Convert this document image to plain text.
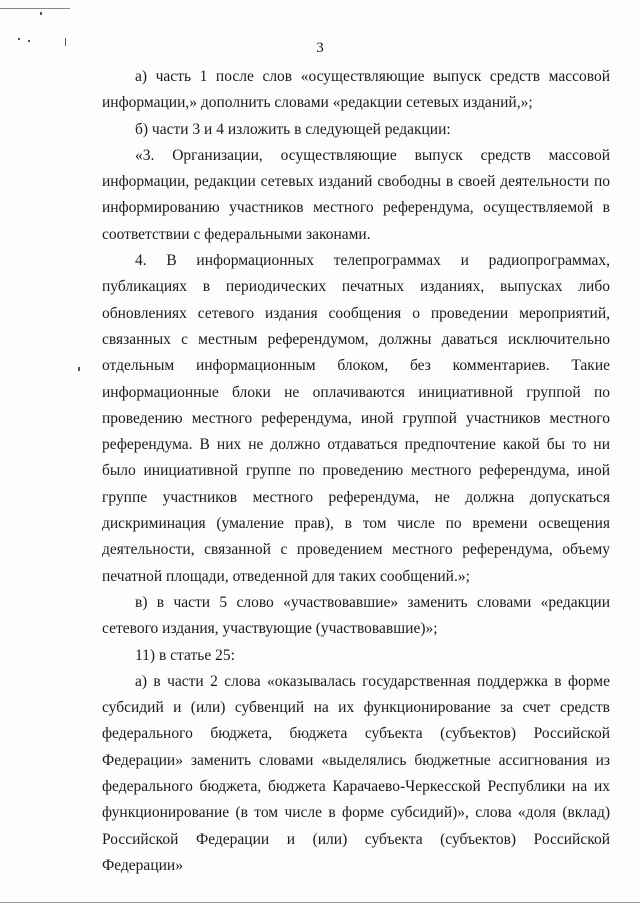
3

а) часть 1 после слов «осуществляющие выпуск средств массовой информации,» дополнить словами «редакции сетевых изданий,»;

б) части 3 и 4 изложить в следующей редакции:

«3. Организации, осуществляющие выпуск средств массовой информации, редакции сетевых изданий свободны в своей деятельности по информированию участников местного референдума, осуществляемой в соответствии с федеральными законами.

4. В информационных телепрограммах и радиопрограммах, публикациях в периодических печатных изданиях, выпусках либо обновлениях сетевого издания сообщения о проведении мероприятий, связанных с местным референдумом, должны даваться исключительно отдельным информационным блоком, без комментариев. Такие информационные блоки не оплачиваются инициативной группой по проведению местного референдума, иной группой участников местного референдума. В них не должно отдаваться предпочтение какой бы то ни было инициативной группе по проведению местного референдума, иной группе участников местного референдума, не должна допускаться дискриминация (умаление прав), в том числе по времени освещения деятельности, связанной с проведением местного референдума, объему печатной площади, отведенной для таких сообщений.»;

в) в части 5 слово «участвовавшие» заменить словами «редакции сетевого издания, участвующие (участвовавшие)»;

11) в статье 25:

а) в части 2 слова «оказывалась государственная поддержка в форме субсидий и (или) субвенций на их функционирование за счет средств федерального бюджета, бюджета субъекта (субъектов) Российской Федерации» заменить словами «выделялись бюджетные ассигнования из федерального бюджета, бюджета Карачаево-Черкесской Республики на их функционирование (в том числе в форме субсидий)», слова «доля (вклад) Российской Федерации и (или) субъекта (субъектов) Российской Федерации»
